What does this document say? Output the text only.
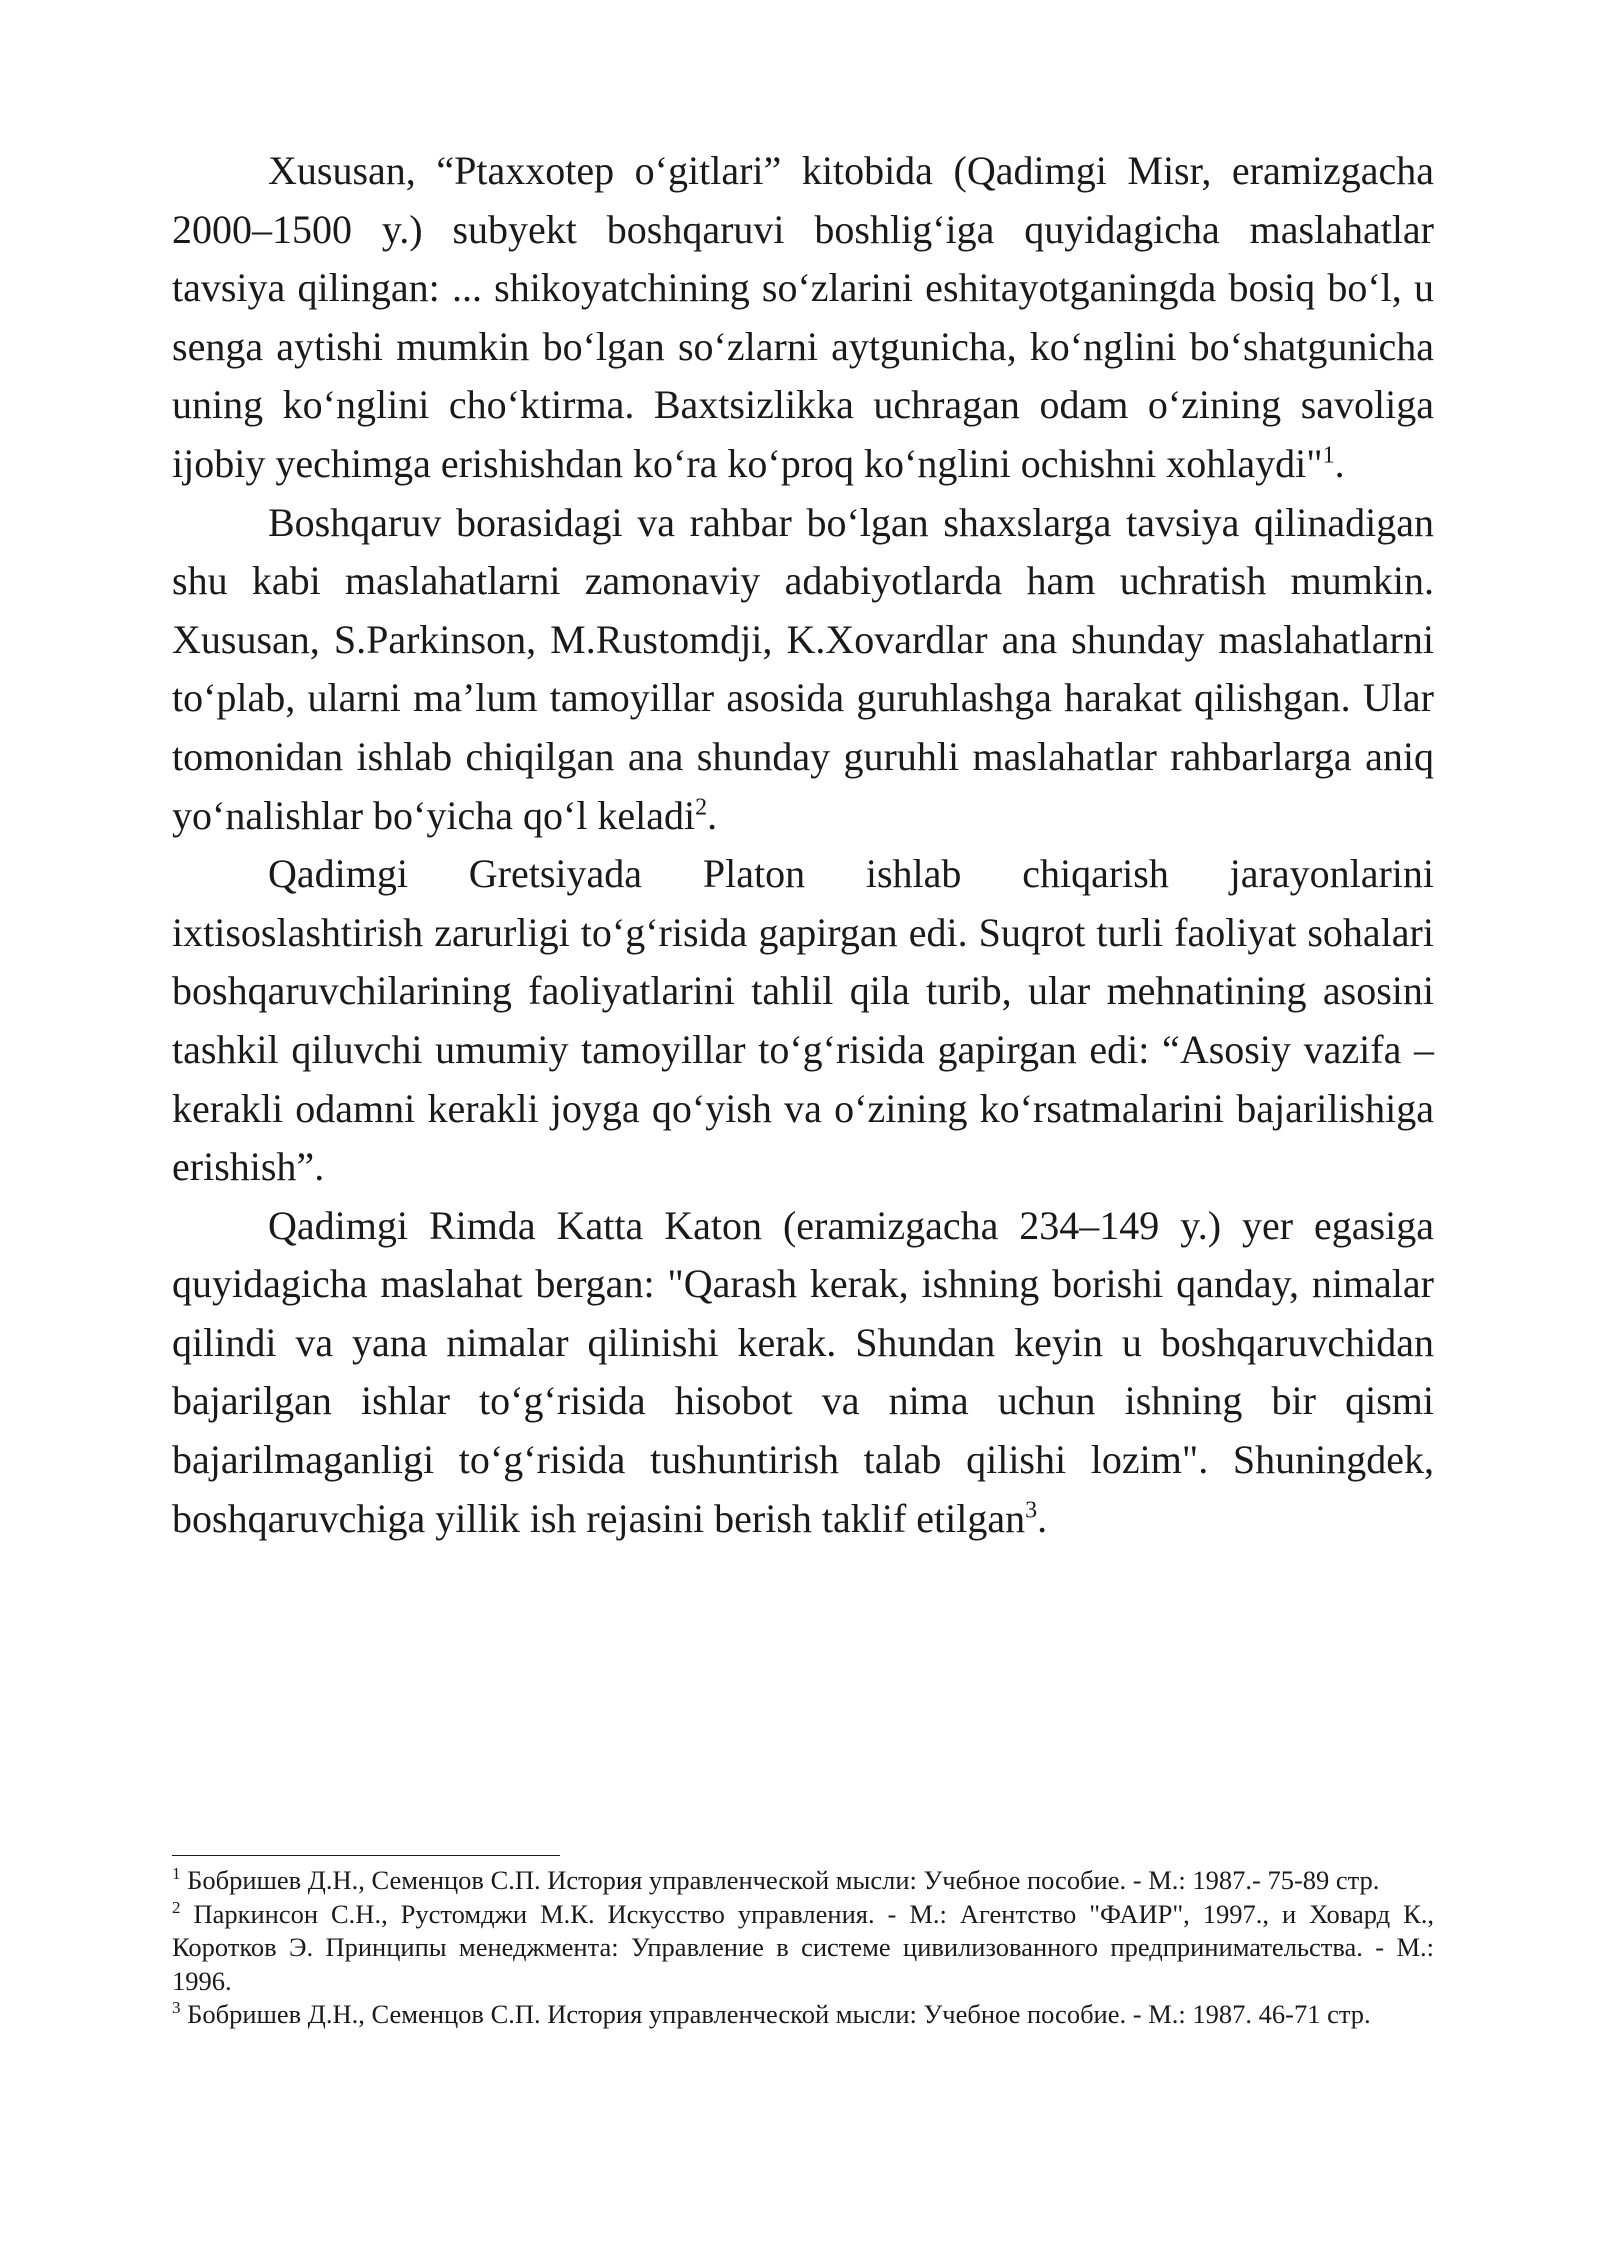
Xususan, “Ptaxxotep o‘gitlari” kitobida (Qadimgi Misr, eramizgacha 2000–1500 y.) subyekt boshqaruvi boshlig‘iga quyidagicha maslahatlar tavsiya qilingan: ... shikoyatchining so‘zlarini eshitayotganingda bosiq bo‘l, u senga aytishi mumkin bo‘lgan so‘zlarni aytgunicha, ko‘nglini bo‘shatgunicha uning ko‘nglini cho‘ktirma. Baxtsizlikka uchragan odam o‘zining savoliga ijobiy yechimga erishishdan ko‘ra ko‘proq ko‘nglini ochishni xohlaydi"$^1$.

Boshqaruv borasidagi va rahbar bo‘lgan shaxslarga tavsiya qilinadigan shu kabi maslahatlarni zamonaviy adabiyotlarda ham uchratish mumkin. Xususan, S.Parkinson, M.Rustomdji, K.Xovardlar ana shunday maslahatlarni to‘plab, ularni ma’lum tamoyillar asosida guruhlashga harakat qilishgan. Ular tomonidan ishlab chiqilgan ana shunday guruhli maslahatlar rahbarlarga aniq yo‘nalishlar bo‘yicha qo‘l keladi$^2$.

Qadimgi Gretsiyada Platon ishlab chiqarish jarayonlarini ixtisoslashtirish zarurligi to‘g‘risida gapirgan edi. Suqrot turli faoliyat sohalari boshqaruvchilarining faoliyatlarini tahlil qila turib, ular mehnatining asosini tashkil qiluvchi umumiy tamoyillar to‘g‘risida gapirgan edi: “Asosiy vazifa – kerakli odamni kerakli joyga qo‘yish va o‘zining ko‘rsatmalarini bajarilishiga erishish”.

Qadimgi Rimda Katta Katon (eramizgacha 234–149 y.) yer egasiga quyidagicha maslahat bergan: "Qarash kerak, ishning borishi qanday, nimalar qilindi va yana nimalar qilinishi kerak. Shundan keyin u boshqaruvchidan bajarilgan ishlar to‘g‘risida hisobot va nima uchun ishning bir qismi bajarilmaganligi to‘g‘risida tushuntirish talab qilishi lozim". Shuningdek, boshqaruvchiga yillik ish rejasini berish taklif etilgan$^3$.

$^1$ Бобришев Д.Н., Семенцов С.П. История управленческой мысли: Учебное пособие. - М.: 1987.- 75-89 стр.

$^2$ Паркинсон С.Н., Рустомджи М.К. Искусство управления. - М.: Агентство "ФАИР", 1997., и Ховард К., Коротков Э. Принципы менеджмента: Управление в системе цивилизованного предпринимательства. - М.: 1996.

$^3$ Бобришев Д.Н., Семенцов С.П. История управленческой мысли: Учебное пособие. - М.: 1987. 46-71 стр.
